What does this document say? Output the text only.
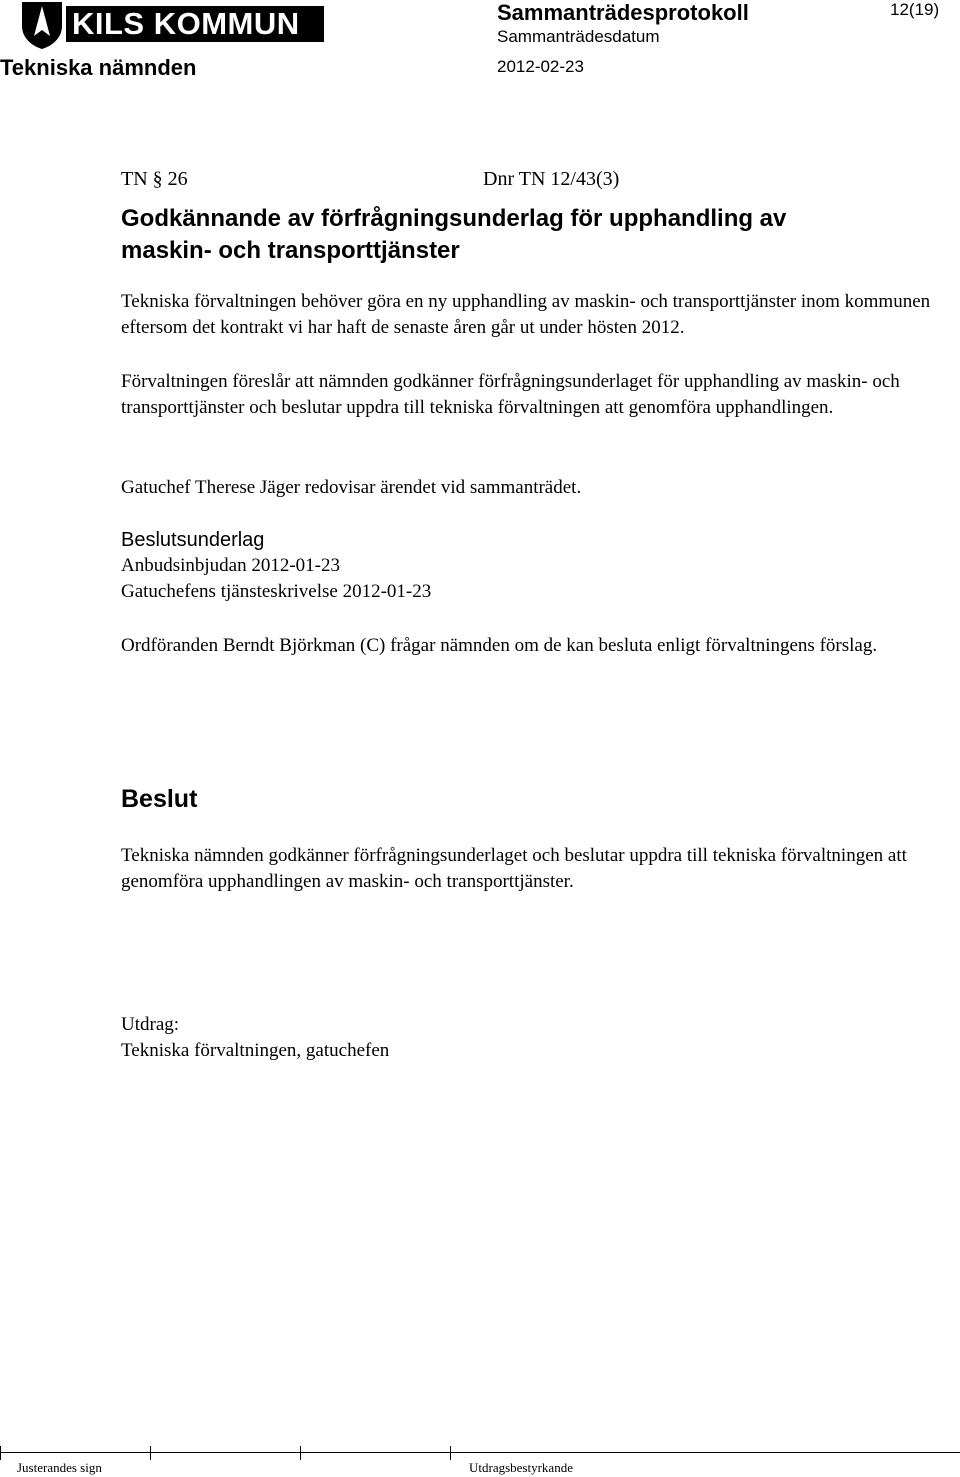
KILS KOMMUN
Tekniska nämnden
Sammanträdesprotokoll
Sammanträdesdatum
2012-02-23
12(19)
TN § 26	Dnr TN 12/43(3)
Godkännande av förfrågningsunderlag för upphandling av maskin- och transporttjänster
Tekniska förvaltningen behöver göra en ny upphandling av maskin- och transporttjänster inom kommunen eftersom det kontrakt vi har haft de senaste åren går ut under hösten 2012.
Förvaltningen föreslår att nämnden godkänner förfrågningsunderlaget för upphandling av maskin- och transporttjänster och beslutar uppdra till tekniska förvaltningen att genomföra upphandlingen.
Gatuchef Therese Jäger redovisar ärendet vid sammanträdet.
Beslutsunderlag
Anbudsinbjudan 2012-01-23
Gatuchefens tjänsteskrivelse 2012-01-23
Ordföranden Berndt Björkman (C) frågar nämnden om de kan besluta enligt förvaltningens förslag.
Beslut
Tekniska nämnden godkänner förfrågningsunderlaget och beslutar uppdra till tekniska förvaltningen att genomföra upphandlingen av maskin- och transporttjänster.
Utdrag:
Tekniska förvaltningen, gatuchefen
Justerandes sign	Utdragsbestyrkande
